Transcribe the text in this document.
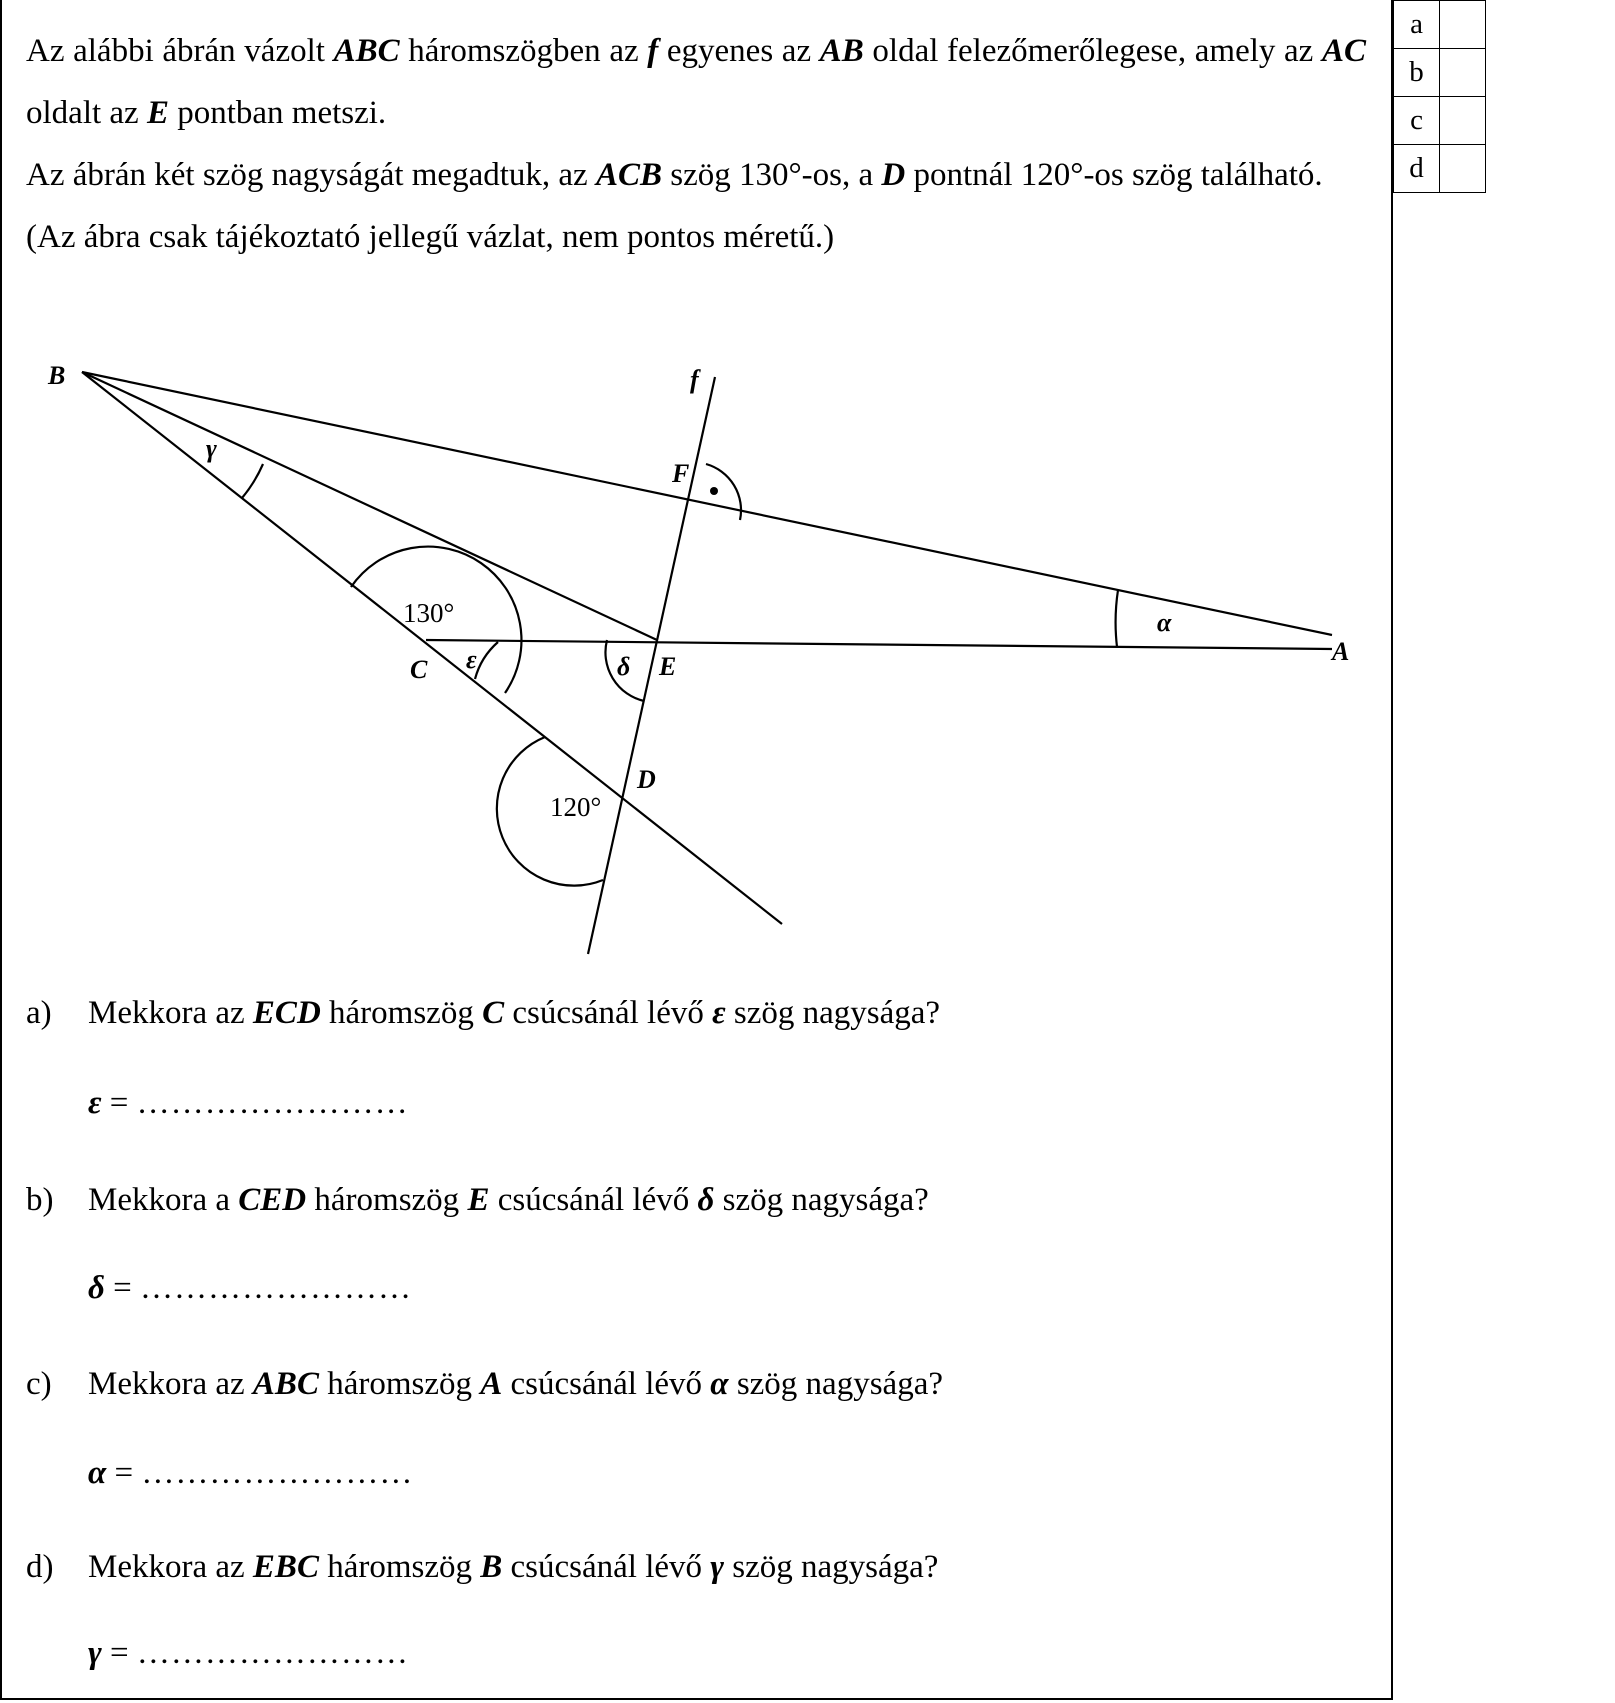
a	
b	
c	
d	

Az alábbi ábrán vázolt ABC háromszögben az f egyenes az AB oldal felezőmerőlegese, amely az AC oldalt az E pontban metszi.

Az ábrán két szög nagyságát megadtuk, az ACB szög 130°-os, a D pontnál 120°-os szög található.

(Az ábra csak tájékoztató jellegű vázlat, nem pontos méretű.)

B
F
C	E
A
D
f
γ
α
ε	δ
130°
120°
a) Mekkora az ECD háromszög C csúcsánál lévő ε szög nagysága?
ε = ……………………
b) Mekkora a CED háromszög E csúcsánál lévő δ szög nagysága?
δ = ……………………
c) Mekkora az ABC háromszög A csúcsánál lévő α szög nagysága?
α = ……………………
d) Mekkora az EBC háromszög B csúcsánál lévő γ szög nagysága?
γ = ……………………
